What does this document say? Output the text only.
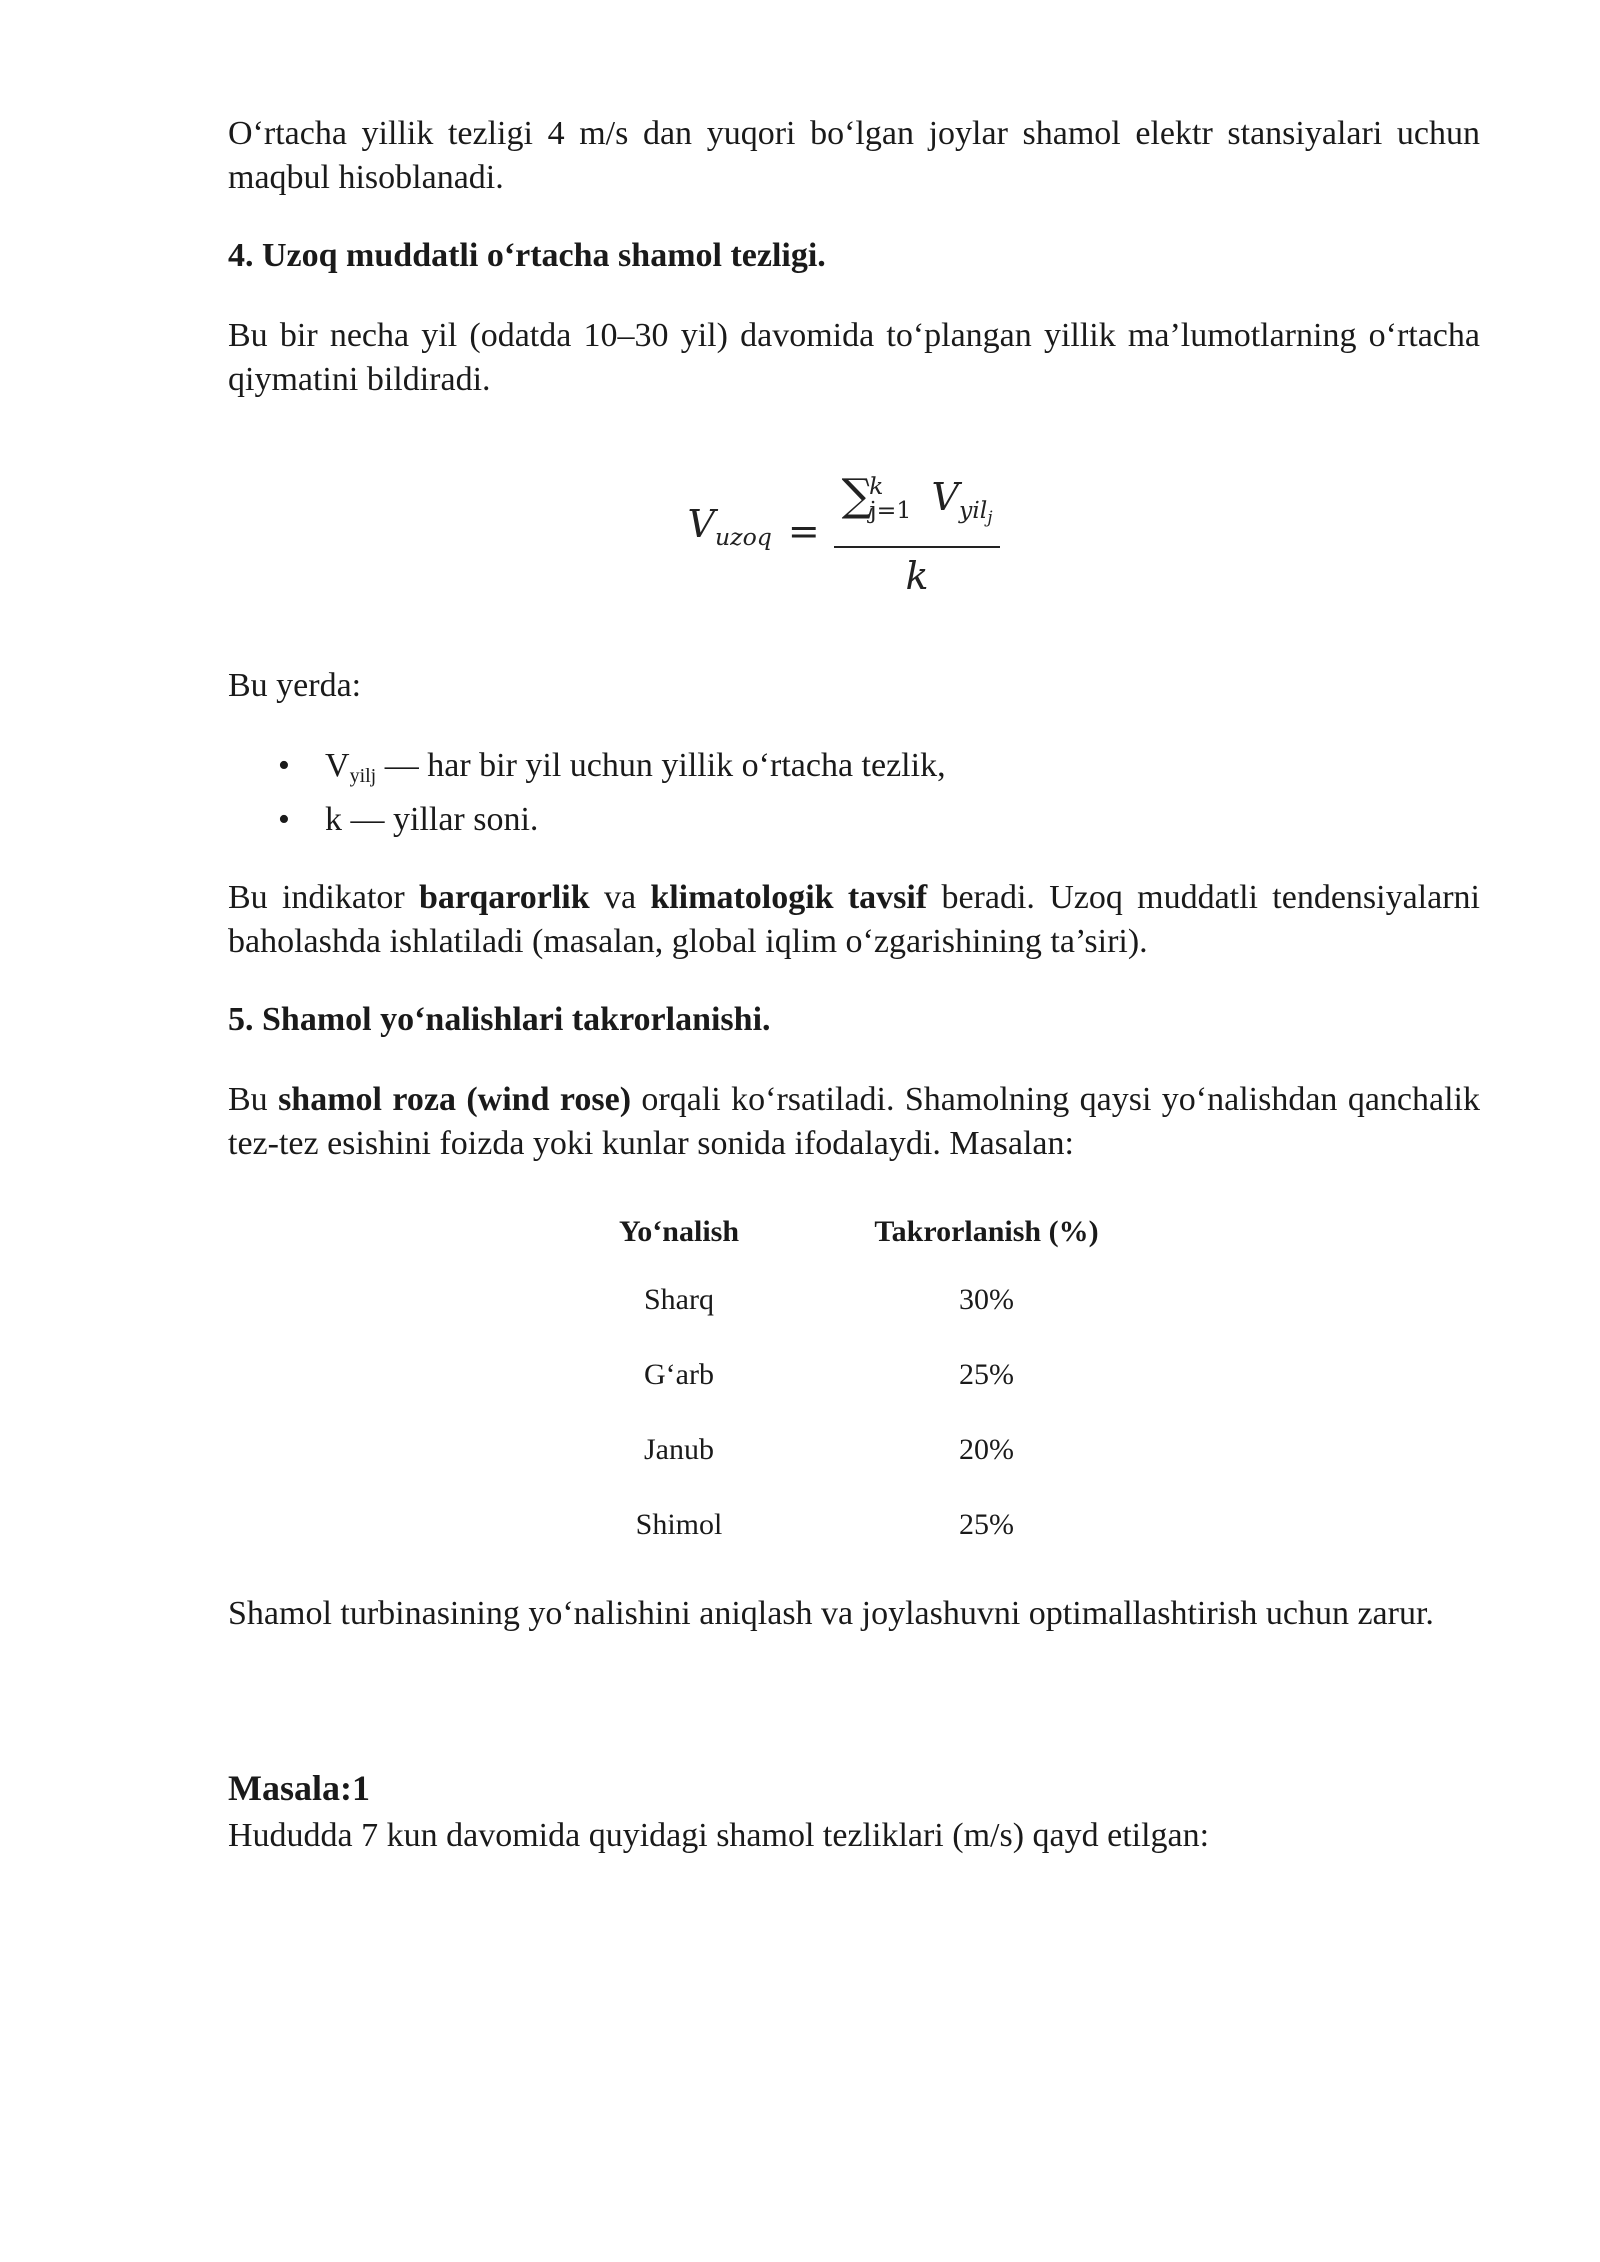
O‘rtacha yillik tezligi 4 m/s dan yuqori bo‘lgan joylar shamol elektr stansiyalari uchun maqbul hisoblanadi.

4. Uzoq muddatli o‘rtacha shamol tezligi.

Bu bir necha yil (odatda 10–30 yil) davomida to‘plangan yillik ma’lumotlarning o‘rtacha qiymatini bildiradi.

$V_{uzoq} = \frac{\sum^k_{j=1} V_{yil_j}}{k}$

Bu yerda:

• Vyilj — har bir yil uchun yillik o‘rtacha tezlik,
• k — yillar soni.

Bu indikator barqarorlik va klimatologik tavsif beradi. Uzoq muddatli tendensiyalarni baholashda ishlatiladi (masalan, global iqlim o‘zgarishining ta’siri).

5. Shamol yo‘nalishlari takrorlanishi.

Bu shamol roza (wind rose) orqali ko‘rsatiladi. Shamolning qaysi yo‘nalishdan qanchalik tez-tez esishini foizda yoki kunlar sonida ifodalaydi. Masalan:

Yo‘nalish	Takrorlanish (%)
Sharq	30%
G‘arb	25%
Janub	20%
Shimol	25%

Shamol turbinasining yo‘nalishini aniqlash va joylashuvni optimallashtirish uchun zarur.

Masala:1

Hududda 7 kun davomida quyidagi shamol tezliklari (m/s) qayd etilgan:
